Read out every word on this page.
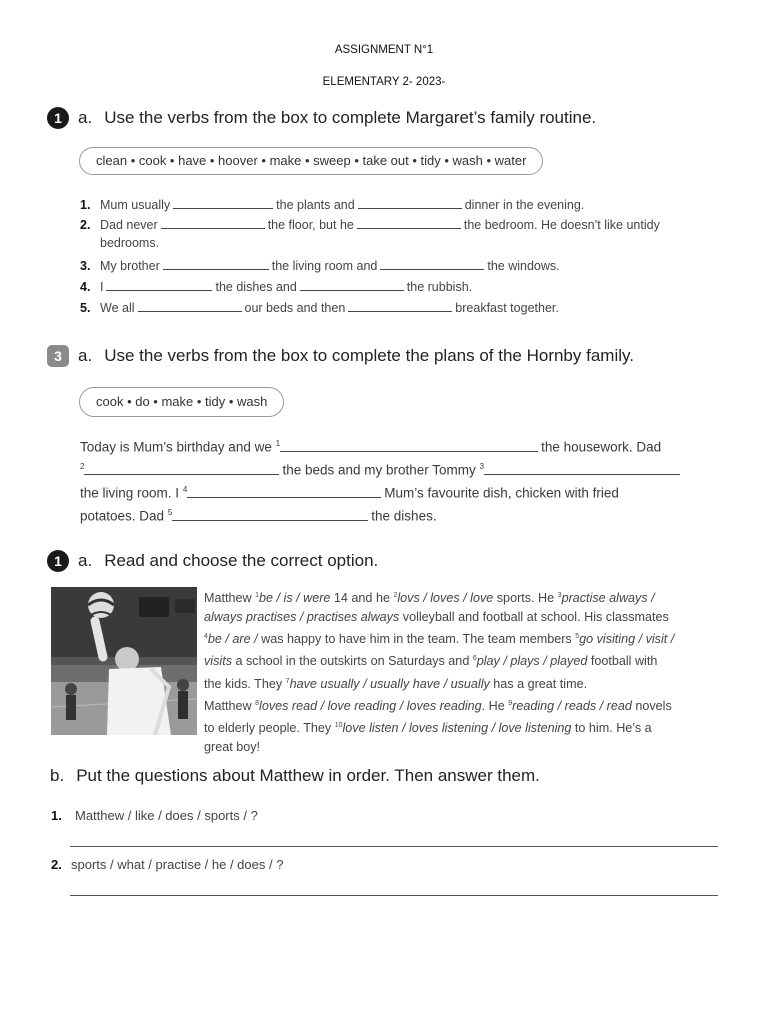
ASSIGNMENT N°1
ELEMENTARY 2- 2023-
1 a. Use the verbs from the box to complete Margaret’s family routine.
clean • cook • have • hoover • make • sweep • take out • tidy • wash • water
1. Mum usually	the plants and	dinner in the evening.
2. Dad never	the floor, but he	the bedroom. He doesn’t like untidy
bedrooms.
3. My brother	the living room and	the windows.
4. I	the dishes and	the rubbish.
5. We all	our beds and then	breakfast together.
3 a. Use the verbs from the box to complete the plans of the Hornby family.
cook • do • make • tidy • wash
Today is Mum’s birthday and we $^1$	the housework. Dad
$^2$	the beds and my brother Tommy $^3$
the living room. I $^4$	Mum’s favourite dish, chicken with fried
potatoes. Dad $^5$	the dishes.
1 a. Read and choose the correct option.

Matthew $^1$be / is / were 14 and he $^2$lovs / loves / love sports. He $^3$practise always /

always practises / practises always volleyball and football at school. His classmates

$^4$be / are / was happy to have him in the team. The team members $^5$go visiting / visit /

visits a school in the outskirts on Saturdays and $^6$play / plays / played football with

the kids. They $^7$have usually / usually have / usually has a great time.

Matthew $^8$loves read / love reading / loves reading. He $^9$reading / reads / read novels

to elderly people. They $^{10}$love listen / loves listening / love listening to him. He’s a

great boy!

b. Put the questions about Matthew in order. Then answer them.
1. Matthew / like / does / sports / ?
2. sports / what / practise / he / does / ?
